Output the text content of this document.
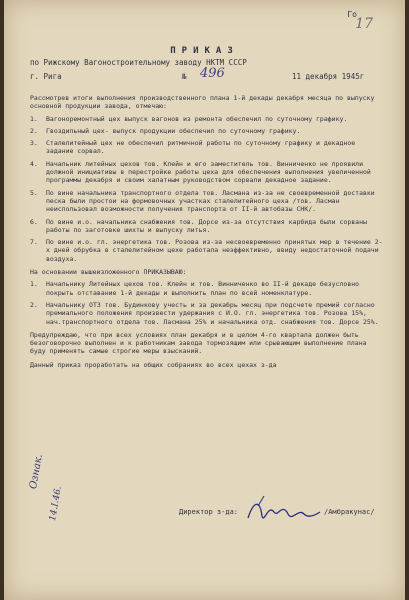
Го
17
ПРИКАЗ
по Рижскому Вагоностроительному заводу НКТМ СССР
г. Рига	№ 496	11 декабря 1945г

Рассмотрев итоги выполнения производственного плана 1-й декады декабря месяца по выпуску основной продукции завода, отмечаю:

1.	Вагоноремонтный цех выпуск вагонов из ремонта обеспечил по суточному графику.
2.	Гвоздильный цех- выпуск продукции обеспечил по суточному графику.
3.	Сталелитейный цех не обеспечил ритмичной работы по суточному графику и декадное задание сорвал.
4.	Начальник литейных цехов тов. Клейн и его заместитель тов. Винниченко не проявили должной инициативы в перестройке работы цеха для обеспечения выполнения увеличенной программы декабря и своим халатным руководством сорвали декадное задание.
5.	По вине начальника транспортного отдела тов. Ласмана из-за не своевременной доставки песка были простои на формовочных участках сталелитейного цеха /тов. Ласман неиспользовал возможности получения транспорта от II-й автобазы СНК/.
6.	По вине и.о. начальника снабжения тов. Дорсе из-за отсутствия карбида были сорваны работы по заготовке шихты и выпуску литья.
7.	По вине и.о. гл. энергетика тов. Розова из-за несвоевременно принятых мер в течение 2-х дней обрубка в сталелитейном цехе работала неэффективно, ввиду недостаточной подачи воздуха.

На основании вышеизложенного ПРИКАЗЫВАЮ:

1.	Начальнику Литейных цехов тов. Клейн и тов. Винниченко во II-й декаде безусловно покрыть отставание 1-й декады и выполнить план по всей номенклатуре.
2.	Начальнику ОТЗ тов. Будинкову учесть и за декабрь месяц при подсчете премий согласно премиального положения произвести удержания с И.О. гл. энергетика тов. Розова 15%, нач.транспортного отдела тов. Ласмана 25% и начальника отд. снабжения тов. Дорсе 25%.

Предупреждаю, что при всех условиях план декабря и в целом 4-го квартала должен быть безоговорочно выполнен и к работникам завода тормозящим или срывающим выполнение плана буду применять самые строгие меры взысканий.

Данный приказ проработать на общих собраниях во всех цехах з-да

Директор з-да:	/Амбракунас/
Ознак.
14.I.46.
